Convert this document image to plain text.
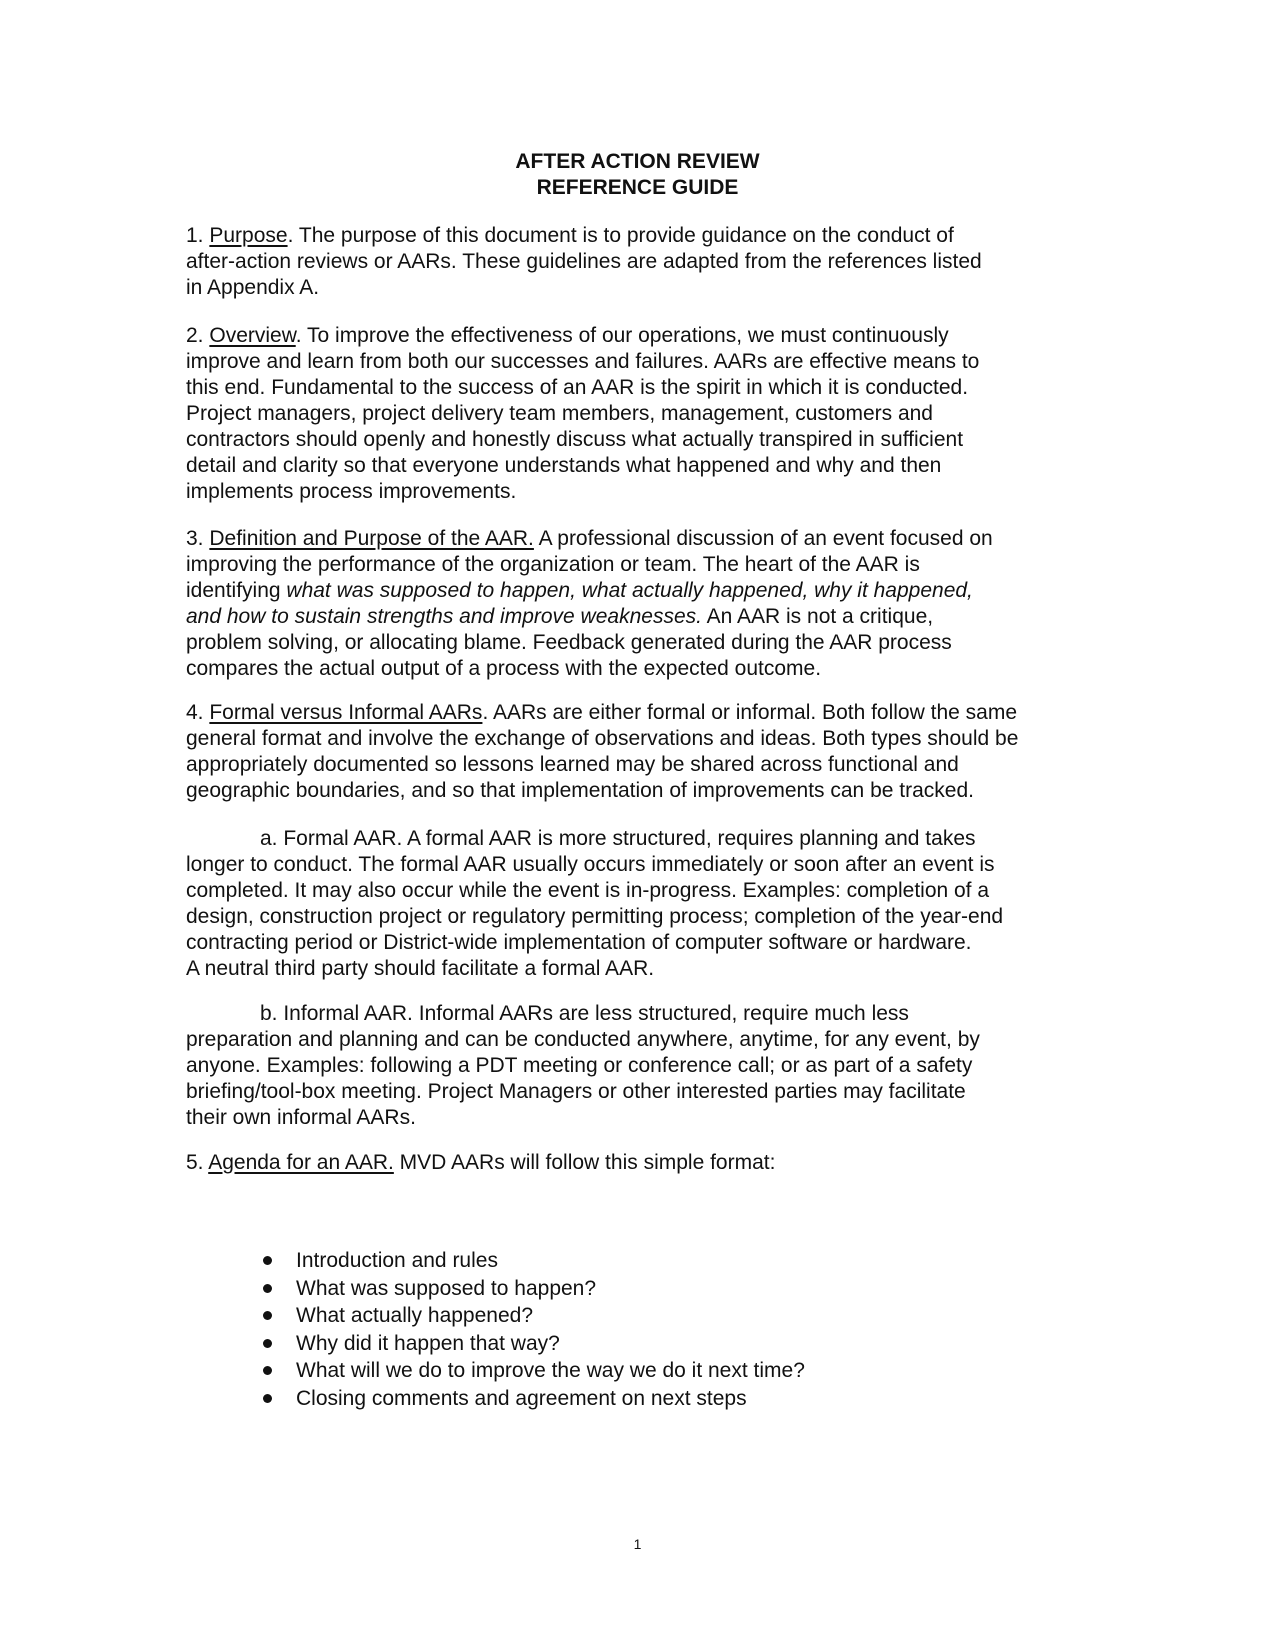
AFTER ACTION REVIEW
REFERENCE GUIDE

1. Purpose. The purpose of this document is to provide guidance on the conduct of
after-action reviews or AARs. These guidelines are adapted from the references listed
in Appendix A.

2. Overview. To improve the effectiveness of our operations, we must continuously
improve and learn from both our successes and failures. AARs are effective means to
this end. Fundamental to the success of an AAR is the spirit in which it is conducted.
Project managers, project delivery team members, management, customers and
contractors should openly and honestly discuss what actually transpired in sufficient
detail and clarity so that everyone understands what happened and why and then
implements process improvements.

3. Definition and Purpose of the AAR. A professional discussion of an event focused on
improving the performance of the organization or team. The heart of the AAR is
identifying what was supposed to happen, what actually happened, why it happened,
and how to sustain strengths and improve weaknesses. An AAR is not a critique,
problem solving, or allocating blame. Feedback generated during the AAR process
compares the actual output of a process with the expected outcome.

4. Formal versus Informal AARs. AARs are either formal or informal. Both follow the same
general format and involve the exchange of observations and ideas. Both types should be
appropriately documented so lessons learned may be shared across functional and
geographic boundaries, and so that implementation of improvements can be tracked.

a. Formal AAR. A formal AAR is more structured, requires planning and takes
longer to conduct. The formal AAR usually occurs immediately or soon after an event is
completed. It may also occur while the event is in-progress. Examples: completion of a
design, construction project or regulatory permitting process; completion of the year-end
contracting period or District-wide implementation of computer software or hardware.
A neutral third party should facilitate a formal AAR.

b. Informal AAR. Informal AARs are less structured, require much less
preparation and planning and can be conducted anywhere, anytime, for any event, by
anyone. Examples: following a PDT meeting or conference call; or as part of a safety
briefing/tool-box meeting. Project Managers or other interested parties may facilitate
their own informal AARs.

5. Agenda for an AAR. MVD AARs will follow this simple format:

Introduction and rules
What was supposed to happen?
What actually happened?
Why did it happen that way?
What will we do to improve the way we do it next time?
Closing comments and agreement on next steps
1
